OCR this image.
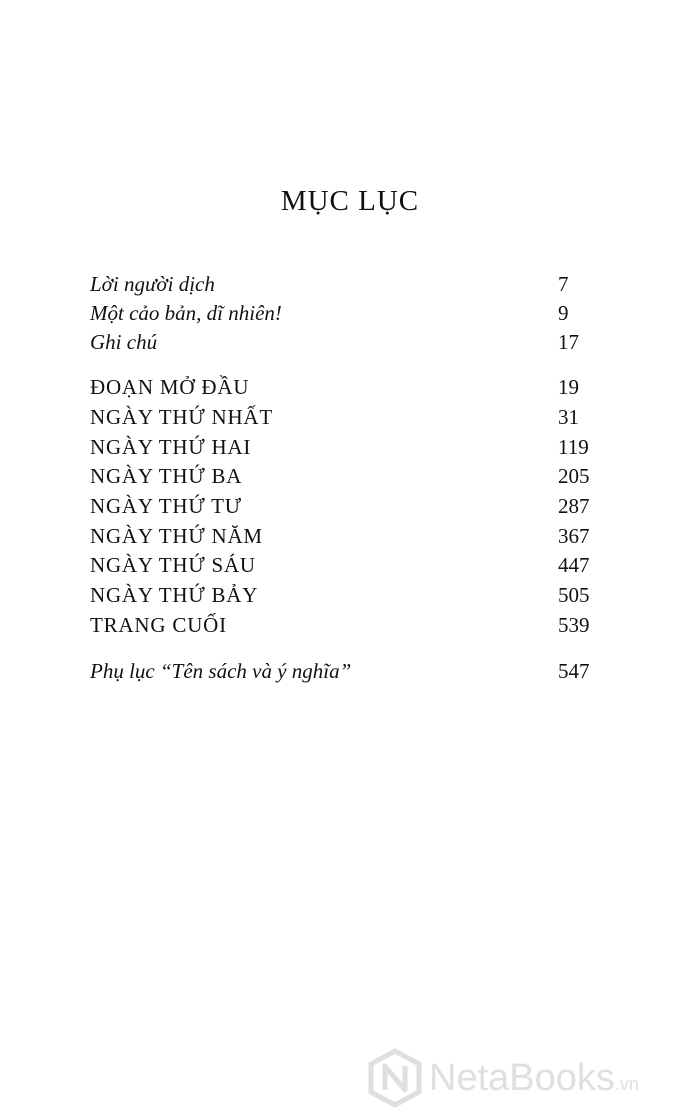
MỤC LỤC
Lời người dịch	7
Một cảo bản, dĩ nhiên!	9
Ghi chú	17
ĐOẠN MỞ ĐẦU	19
NGÀY THỨ NHẤT	31
NGÀY THỨ HAI	119
NGÀY THỨ BA	205
NGÀY THỨ TƯ	287
NGÀY THỨ NĂM	367
NGÀY THỨ SÁU	447
NGÀY THỨ BẢY	505
TRANG CUỐI	539
Phụ lục “Tên sách và ý nghĩa”	547
NetaBooks.vn
